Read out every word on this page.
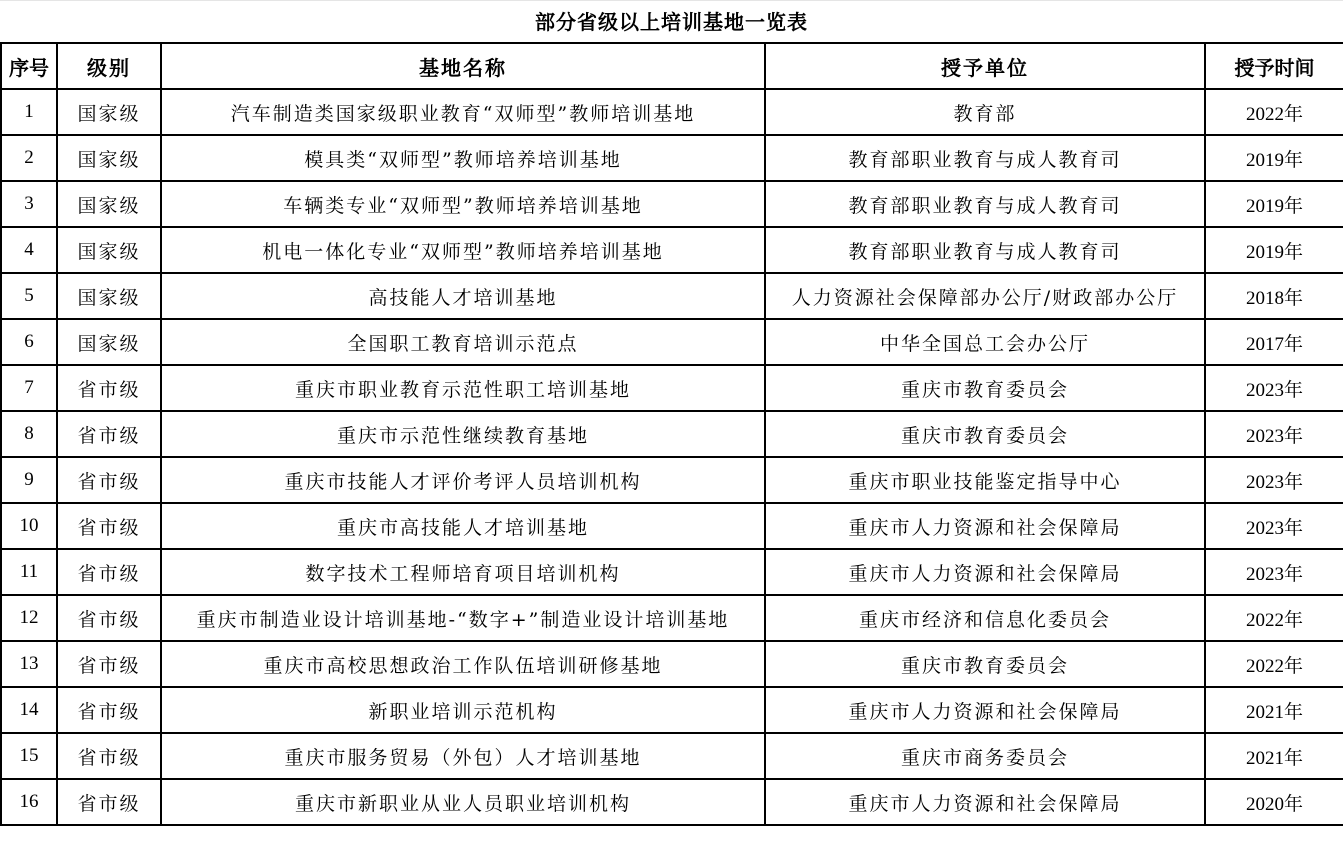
部分省级以上培训基地一览表
序号	级别	基地名称	授予单位	授予时间
1	国家级	汽车制造类国家级职业教育“双师型”教师培训基地	教育部	2022年
2	国家级	模具类“双师型”教师培养培训基地	教育部职业教育与成人教育司	2019年
3	国家级	车辆类专业“双师型”教师培养培训基地	教育部职业教育与成人教育司	2019年
4	国家级	机电一体化专业“双师型”教师培养培训基地	教育部职业教育与成人教育司	2019年
5	国家级	高技能人才培训基地	人力资源社会保障部办公厅/财政部办公厅	2018年
6	国家级	全国职工教育培训示范点	中华全国总工会办公厅	2017年
7	省市级	重庆市职业教育示范性职工培训基地	重庆市教育委员会	2023年
8	省市级	重庆市示范性继续教育基地	重庆市教育委员会	2023年
9	省市级	重庆市技能人才评价考评人员培训机构	重庆市职业技能鉴定指导中心	2023年
10	省市级	重庆市高技能人才培训基地	重庆市人力资源和社会保障局	2023年
11	省市级	数字技术工程师培育项目培训机构	重庆市人力资源和社会保障局	2023年
12	省市级	重庆市制造业设计培训基地-“数字+”制造业设计培训基地	重庆市经济和信息化委员会	2022年
13	省市级	重庆市高校思想政治工作队伍培训研修基地	重庆市教育委员会	2022年
14	省市级	新职业培训示范机构	重庆市人力资源和社会保障局	2021年
15	省市级	重庆市服务贸易（外包）人才培训基地	重庆市商务委员会	2021年
16	省市级	重庆市新职业从业人员职业培训机构	重庆市人力资源和社会保障局	2020年
